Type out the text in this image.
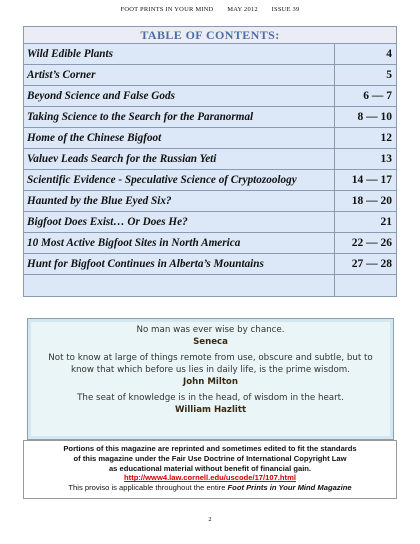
FOOT PRINTS IN YOUR MIND MAY 2012 ISSUE 39
TABLE OF CONTENTS:
Wild Edible Plants	4
Artist’s Corner	5
Beyond Science and False Gods	6 — 7
Taking Science to the Search for the Paranormal	8 — 10
Home of the Chinese Bigfoot	12
Valuev Leads Search for the Russian Yeti	13
Scientific Evidence - Speculative Science of Cryptozoology	14 — 17
Haunted by the Blue Eyed Six?	18 — 20
Bigfoot Does Exist… Or Does He?	21
10 Most Active Bigfoot Sites in North America	22 — 26
Hunt for Bigfoot Continues in Alberta’s Mountains	27 — 28
No man was ever wise by chance.
Seneca
Not to know at large of things remote from use, obscure and subtle, but to know that which before us lies in daily life, is the prime wisdom.
John Milton
The seat of knowledge is in the head, of wisdom in the heart.
William Hazlitt
Portions of this magazine are reprinted and sometimes edited to fit the standards
of this magazine under the Fair Use Doctrine of International Copyright Law
as educational material without benefit of financial gain.
http://www4.law.cornell.edu/uscode/17/107.html
This proviso is applicable throughout the entire Foot Prints in Your Mind Magazine
2
